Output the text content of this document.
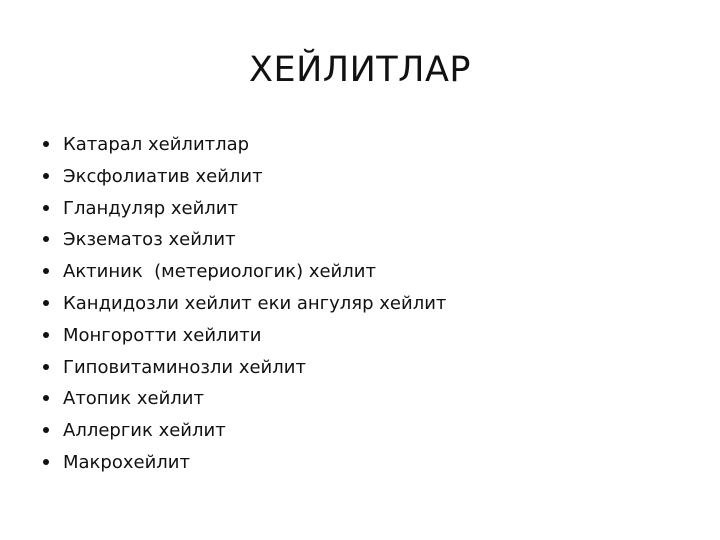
ХЕЙЛИТЛАР
Катарал хейлитлар
Эксфолиатив хейлит
Гландуляр хейлит
Экзематоз хейлит
Актиник  (метериологик) хейлит
Кандидозли хейлит еки ангуляр хейлит
Монгоротти хейлити
Гиповитаминозли хейлит
Атопик хейлит
Аллергик хейлит
Макрохейлит
